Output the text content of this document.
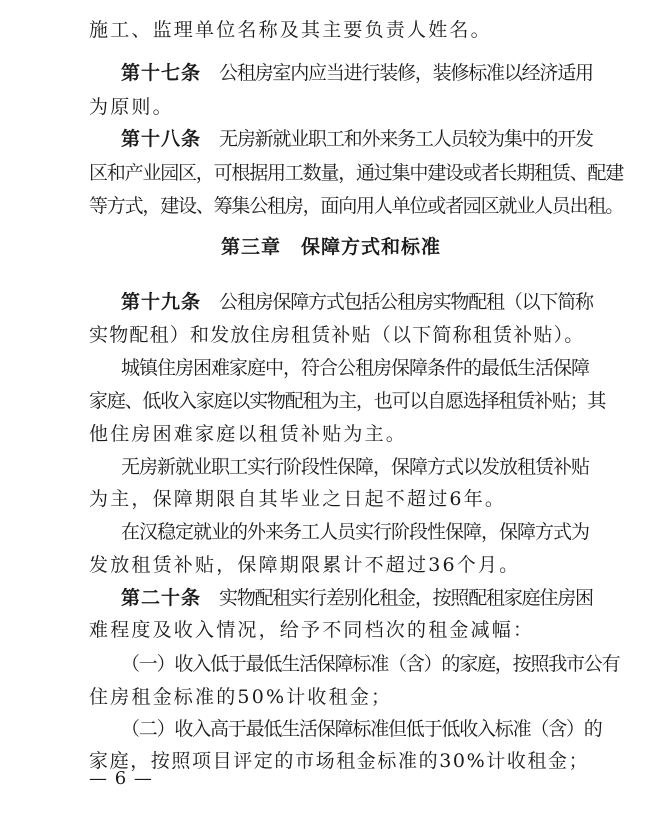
施工、监理单位名称及其主要负责人姓名。
第十七条 公租房室内应当进行装修，装修标准以经济适用
为原则。
第十八条 无房新就业职工和外来务工人员较为集中的开发
区和产业园区，可根据用工数量，通过集中建设或者长期租赁、配建
等方式，建设、筹集公租房，面向用人单位或者园区就业人员出租。
第三章　保障方式和标准
第十九条 公租房保障方式包括公租房实物配租（以下简称
实物配租）和发放住房租赁补贴（以下简称租赁补贴）。
城镇住房困难家庭中，符合公租房保障条件的最低生活保障
家庭、低收入家庭以实物配租为主，也可以自愿选择租赁补贴；其
他住房困难家庭以租赁补贴为主。
无房新就业职工实行阶段性保障，保障方式以发放租赁补贴
为主，保障期限自其毕业之日起不超过6年。
在汉稳定就业的外来务工人员实行阶段性保障，保障方式为
发放租赁补贴，保障期限累计不超过36个月。
第二十条 实物配租实行差别化租金，按照配租家庭住房困
难程度及收入情况，给予不同档次的租金减幅：
（一）收入低于最低生活保障标准（含）的家庭，按照我市公有
住房租金标准的50%计收租金；
（二）收入高于最低生活保障标准但低于低收入标准（含）的
家庭，按照项目评定的市场租金标准的30%计收租金；
— 6 —
